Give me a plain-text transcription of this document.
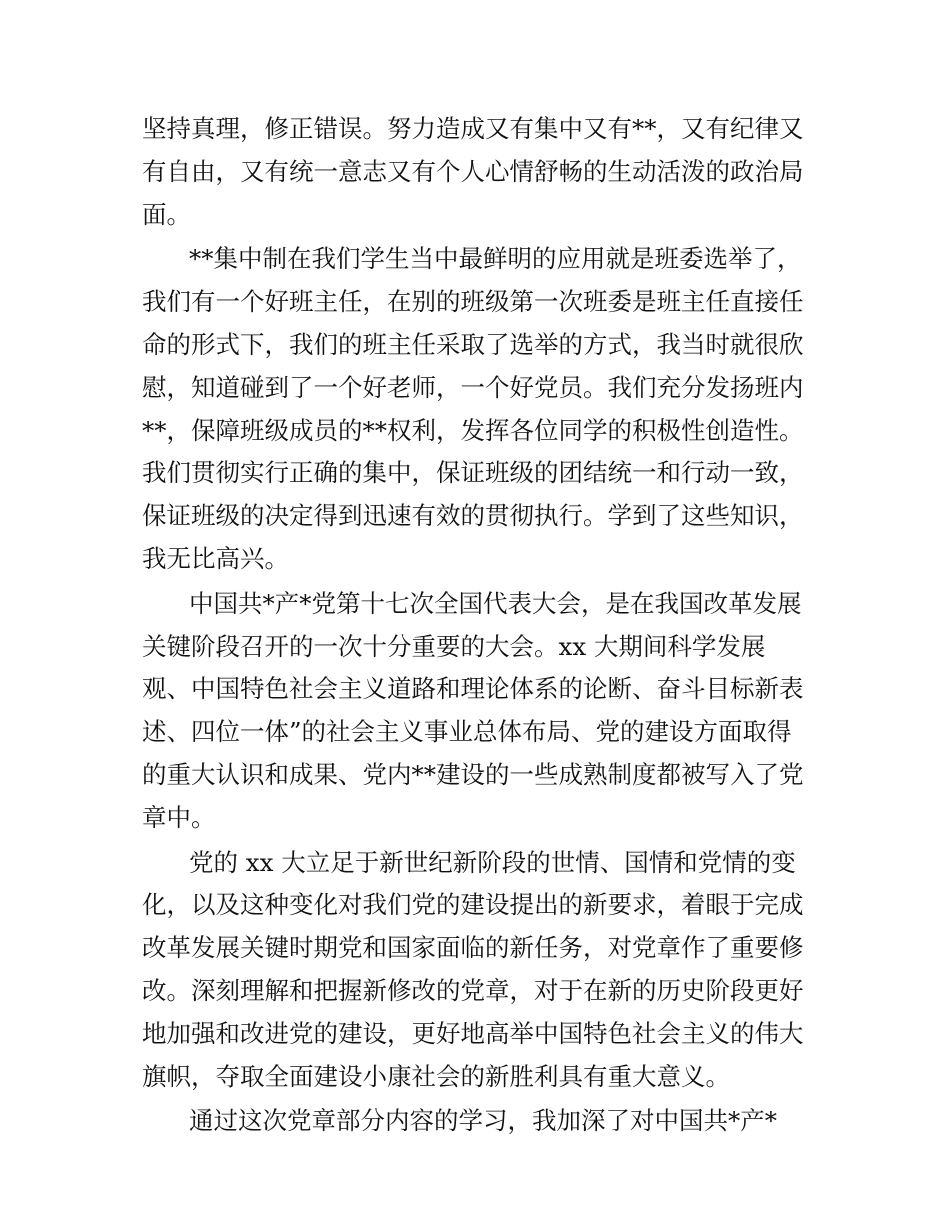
坚持真理，修正错误。努力造成又有集中又有**，又有纪律又
有自由，又有统一意志又有个人心情舒畅的生动活泼的政治局
面。
**集中制在我们学生当中最鲜明的应用就是班委选举了，
我们有一个好班主任，在别的班级第一次班委是班主任直接任
命的形式下，我们的班主任采取了选举的方式，我当时就很欣
慰，知道碰到了一个好老师，一个好党员。我们充分发扬班内
**，保障班级成员的**权利，发挥各位同学的积极性创造性。
我们贯彻实行正确的集中，保证班级的团结统一和行动一致，
保证班级的决定得到迅速有效的贯彻执行。学到了这些知识，
我无比高兴。
中国共*产*党第十七次全国代表大会，是在我国改革发展
关键阶段召开的一次十分重要的大会。xx 大期间科学发展
观、中国特色社会主义道路和理论体系的论断、奋斗目标新表
述、四位一体”的社会主义事业总体布局、党的建设方面取得
的重大认识和成果、党内**建设的一些成熟制度都被写入了党
章中。
党的 xx 大立足于新世纪新阶段的世情、国情和党情的变
化，以及这种变化对我们党的建设提出的新要求，着眼于完成
改革发展关键时期党和国家面临的新任务，对党章作了重要修
改。深刻理解和把握新修改的党章，对于在新的历史阶段更好
地加强和改进党的建设，更好地高举中国特色社会主义的伟大
旗帜，夺取全面建设小康社会的新胜利具有重大意义。
通过这次党章部分内容的学习，我加深了对中国共*产*
